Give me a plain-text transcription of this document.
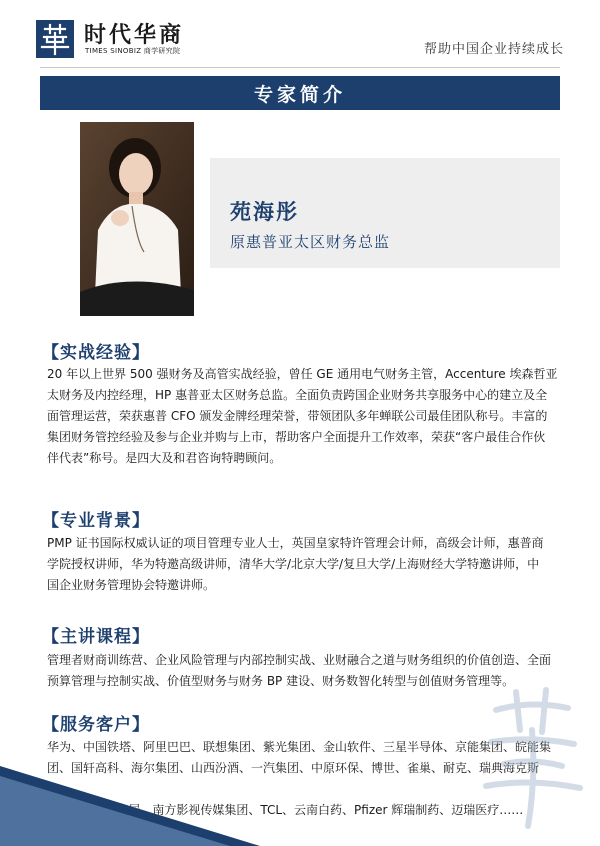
时代华商
TIMES SINOBIZ 商学研究院	帮助中国企业持续成长
专家简介
苑海彤
原惠普亚太区财务总监
【实战经验】
20 年以上世界 500 强财务及高管实战经验，曾任 GE 通用电气财务主管，Accenture 埃森哲亚
太财务及内控经理，HP 惠普亚太区财务总监。全面负责跨国企业财务共享服务中心的建立及全
面管理运营，荣获惠普 CFO 颁发金牌经理荣誉，带领团队多年蝉联公司最佳团队称号。丰富的
集团财务管控经验及参与企业并购与上市，帮助客户全面提升工作效率，荣获“客户最佳合作伙
伴代表”称号。是四大及和君咨询特聘顾问。
【专业背景】
PMP 证书国际权威认证的项目管理专业人士，英国皇家特许管理会计师，高级会计师，惠普商
学院授权讲师，华为特邀高级讲师，清华大学/北京大学/复旦大学/上海财经大学特邀讲师，中
国企业财务管理协会特邀讲师。
【主讲课程】
管理者财商训练营、企业风险管理与内部控制实战、业财融合之道与财务组织的价值创造、全面
预算管理与控制实战、价值型财务与财务 BP 建设、财务数智化转型与创值财务管理等。
【服务客户】
华为、中国铁塔、阿里巴巴、联想集团、紫光集团、金山软件、三星半导体、京能集团、皖能集
团、国轩高科、海尔集团、山西汾酒、一汽集团、中原环保、博世、雀巢、耐克、瑞典海克斯康、
OPPO、欧派家居、南方影视传媒集团、TCL、云南白药、Pfizer 辉瑞制药、迈瑞医疗……
